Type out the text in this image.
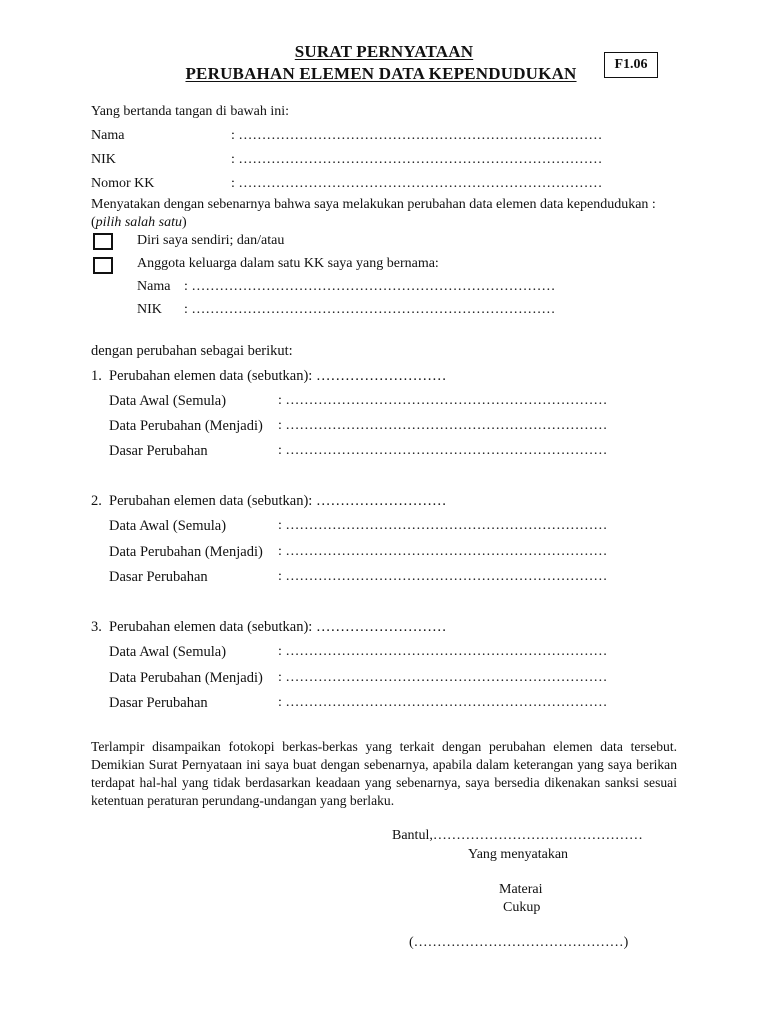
SURAT PERNYATAAN
PERUBAHAN ELEMEN DATA KEPENDUDUKAN	F1.06
Yang bertanda tangan di bawah ini:
Nama	: ……………………………………………………………………
NIK	: ……………………………………………………………………
Nomor KK	: ……………………………………………………………………
Menyatakan dengan sebenarnya bahwa saya melakukan perubahan data elemen data kependudukan :
(pilih salah satu)
Diri saya sendiri; dan/atau
Anggota keluarga dalam satu KK saya yang bernama:
Nama : ……………………………………………………………………
NIK : ……………………………………………………………………
dengan perubahan sebagai berikut:
1. Perubahan elemen data (sebutkan): ………………………
Data Awal (Semula)	: ……………………………………………………………
Data Perubahan (Menjadi) : ……………………………………………………………
Dasar Perubahan	: ……………………………………………………………
2. Perubahan elemen data (sebutkan): ………………………
Data Awal (Semula)	: ……………………………………………………………
Data Perubahan (Menjadi) : ……………………………………………………………
Dasar Perubahan	: ……………………………………………………………
3. Perubahan elemen data (sebutkan): ………………………
Data Awal (Semula)	: ……………………………………………………………
Data Perubahan (Menjadi) : ……………………………………………………………
Dasar Perubahan	: ……………………………………………………………
Terlampir disampaikan fotokopi berkas-berkas yang terkait dengan perubahan elemen data tersebut. Demikian Surat Pernyataan ini saya buat dengan sebenarnya, apabila dalam keterangan yang saya berikan terdapat hal-hal yang tidak berdasarkan keadaan yang sebenarnya, saya bersedia dikenakan sanksi sesuai ketentuan peraturan perundang-undangan yang berlaku.
Bantul,………………………………………
Yang menyatakan
Materai
Cukup
(………………………………………)
